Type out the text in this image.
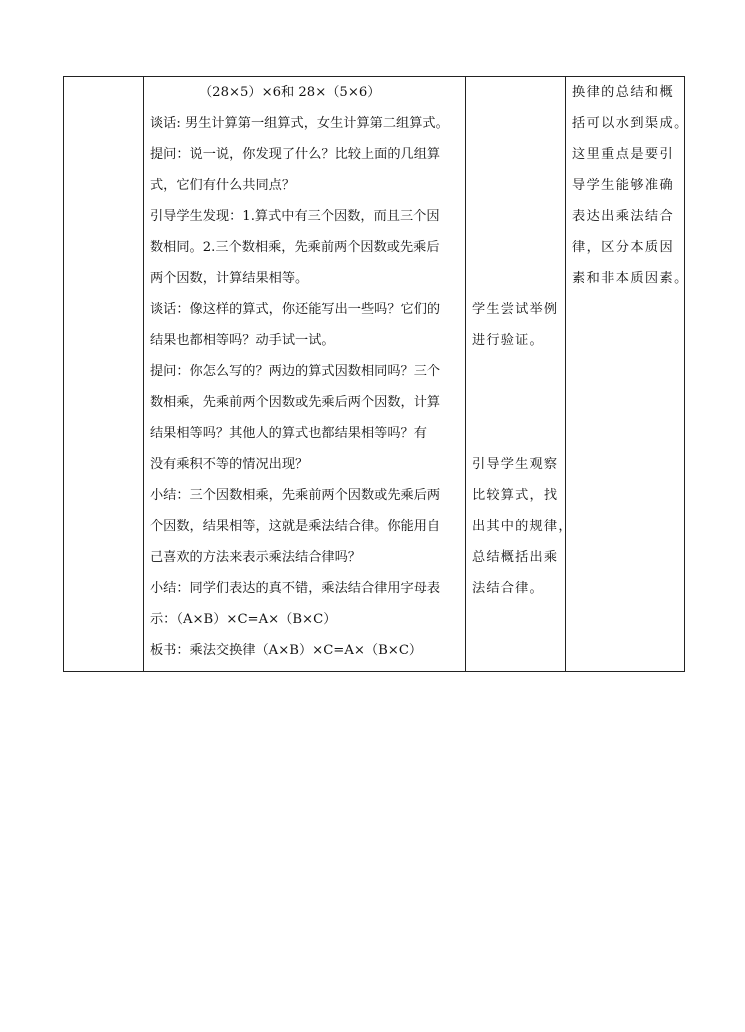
（28×5）×6和 28×（5×6）
谈话: 男生计算第一组算式，女生计算第二组算式。
提问：说一说，你发现了什么？比较上面的几组算
式，它们有什么共同点？
引导学生发现：1.算式中有三个因数，而且三个因
数相同。2.三个数相乘，先乘前两个因数或先乘后
两个因数，计算结果相等。
谈话：像这样的算式，你还能写出一些吗？它们的
结果也都相等吗？动手试一试。
提问：你怎么写的？两边的算式因数相同吗？三个
数相乘，先乘前两个因数或先乘后两个因数，计算
结果相等吗？其他人的算式也都结果相等吗？有
没有乘积不等的情况出现？
小结：三个因数相乘，先乘前两个因数或先乘后两
个因数，结果相等，这就是乘法结合律。你能用自
己喜欢的方法来表示乘法结合律吗？
小结：同学们表达的真不错，乘法结合律用字母表
示：（A×B）×C=A×（B×C）
板书：乘法交换律（A×B）×C=A×（B×C）

学生尝试举例
进行验证。
引导学生观察
比较算式，找
出其中的规律，
总结概括出乘
法结合律。

换律的总结和概
括可以水到渠成。
这里重点是要引
导学生能够准确
表达出乘法结合
律，区分本质因
素和非本质因素。
